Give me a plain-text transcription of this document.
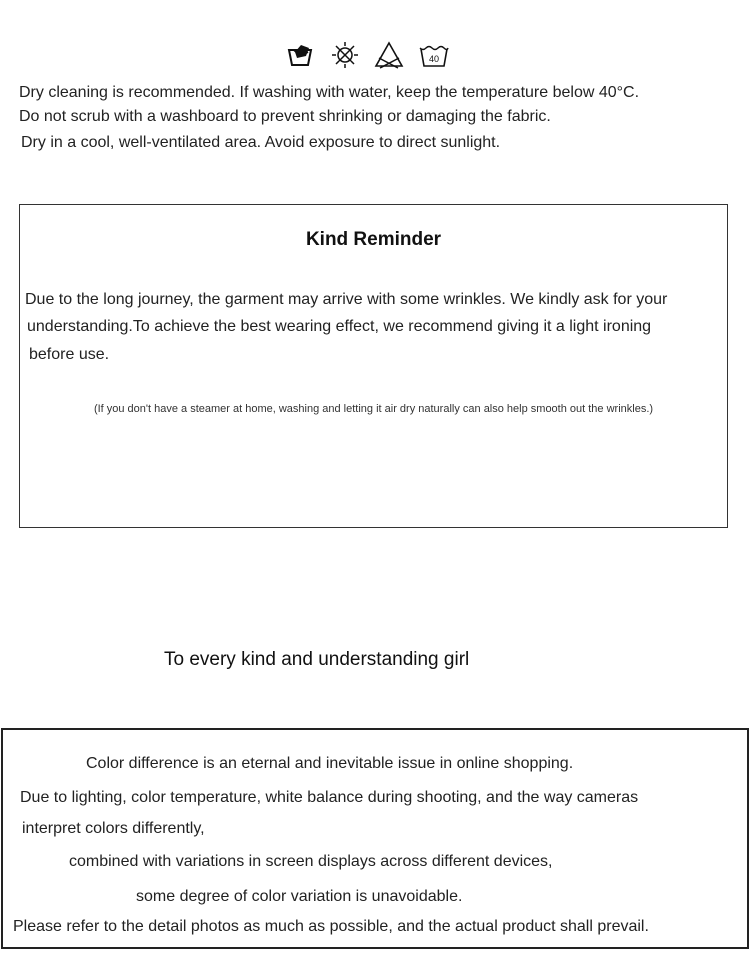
40
Dry cleaning is recommended. If washing with water, keep the temperature below 40°C.
Do not scrub with a washboard to prevent shrinking or damaging the fabric.
Dry in a cool, well-ventilated area. Avoid exposure to direct sunlight.
Kind Reminder
Due to the long journey, the garment may arrive with some wrinkles. We kindly ask for your
understanding.To achieve the best wearing effect, we recommend giving it a light ironing
before use.
(If you don't have a steamer at home, washing and letting it air dry naturally can also help smooth out the wrinkles.)
To every kind and understanding girl
Color difference is an eternal and inevitable issue in online shopping.
Due to lighting, color temperature, white balance during shooting, and the way cameras
interpret colors differently,
combined with variations in screen displays across different devices,
some degree of color variation is unavoidable.
Please refer to the detail photos as much as possible, and the actual product shall prevail.
